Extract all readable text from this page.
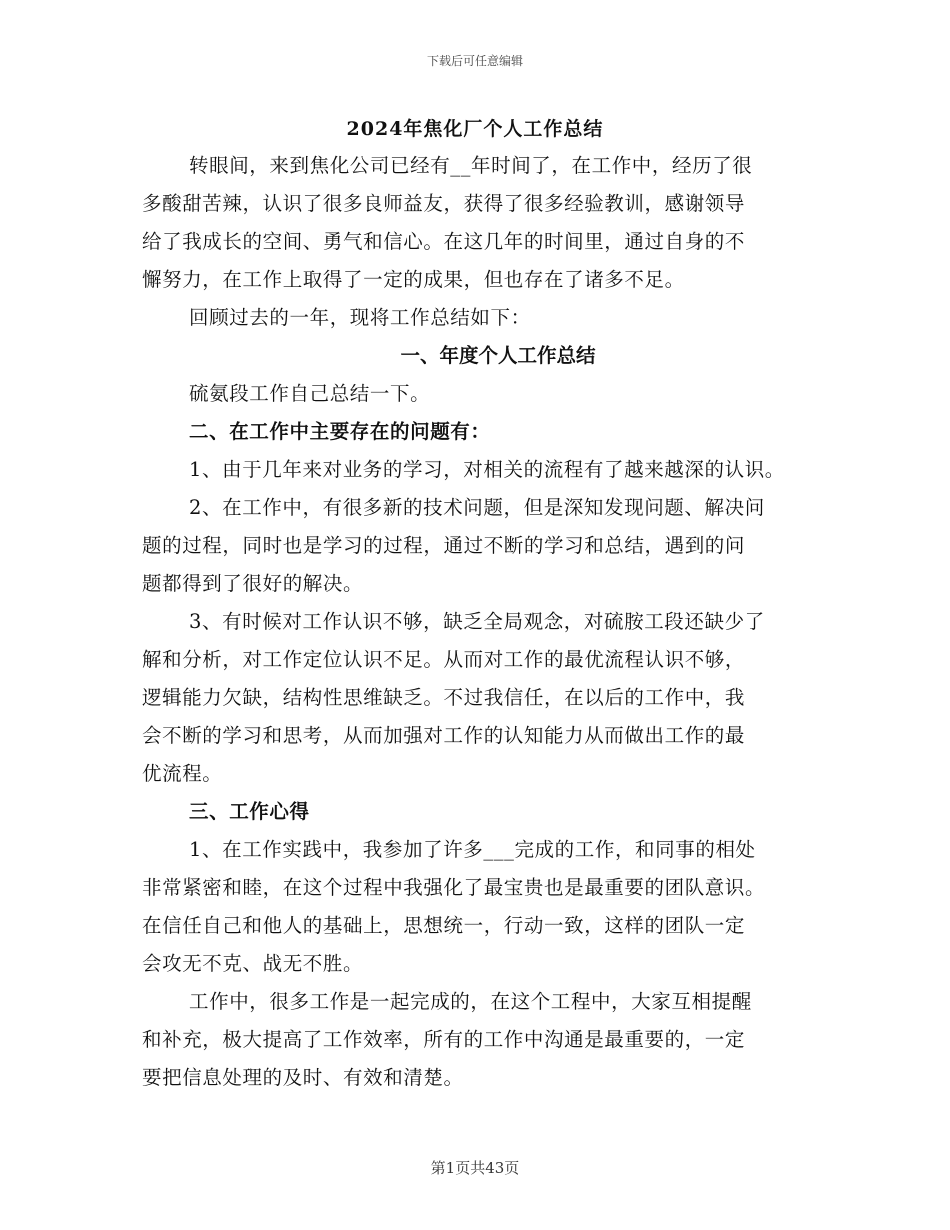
下载后可任意编辑
2024年焦化厂个人工作总结
转眼间，来到焦化公司已经有__年时间了，在工作中，经历了很
多酸甜苦辣，认识了很多良师益友，获得了很多经验教训，感谢领导
给了我成长的空间、勇气和信心。在这几年的时间里，通过自身的不
懈努力，在工作上取得了一定的成果，但也存在了诸多不足。
回顾过去的一年，现将工作总结如下：
一、年度个人工作总结
硫氨段工作自己总结一下。
二、在工作中主要存在的问题有：
1、由于几年来对业务的学习，对相关的流程有了越来越深的认识。
2、在工作中，有很多新的技术问题，但是深知发现问题、解决问
题的过程，同时也是学习的过程，通过不断的学习和总结，遇到的问
题都得到了很好的解决。
3、有时候对工作认识不够，缺乏全局观念，对硫胺工段还缺少了
解和分析，对工作定位认识不足。从而对工作的最优流程认识不够，
逻辑能力欠缺，结构性思维缺乏。不过我信任，在以后的工作中，我
会不断的学习和思考，从而加强对工作的认知能力从而做出工作的最
优流程。
三、工作心得
1、在工作实践中，我参加了许多___完成的工作，和同事的相处
非常紧密和睦，在这个过程中我强化了最宝贵也是最重要的团队意识。
在信任自己和他人的基础上，思想统一，行动一致，这样的团队一定
会攻无不克、战无不胜。
工作中，很多工作是一起完成的，在这个工程中，大家互相提醒
和补充，极大提高了工作效率，所有的工作中沟通是最重要的，一定
要把信息处理的及时、有效和清楚。
第1页共43页
